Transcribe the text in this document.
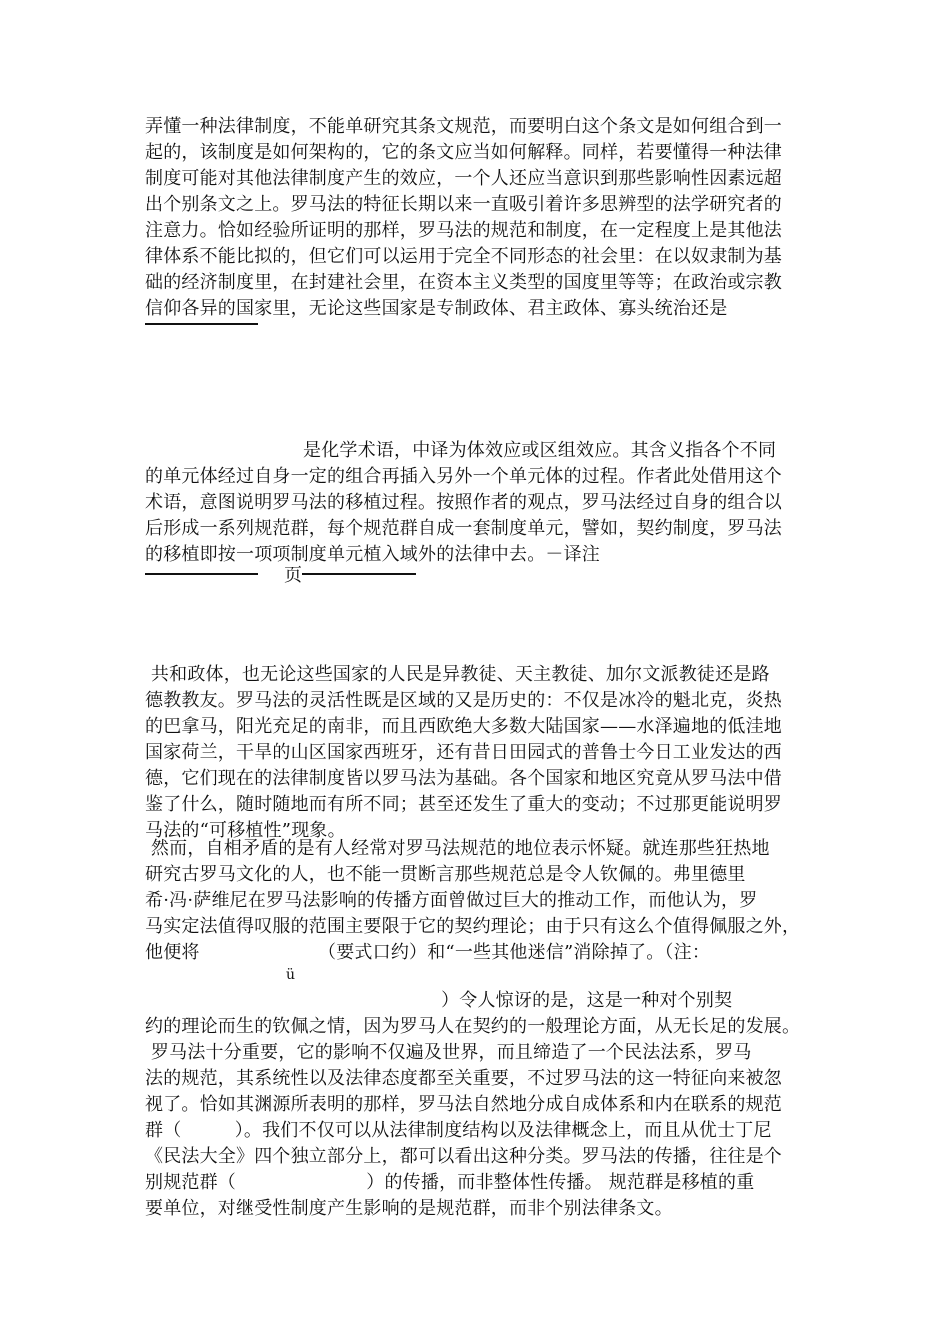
弄懂一种法律制度，不能单研究其条文规范，而要明白这个条文是如何组合到一
起的，该制度是如何架构的，它的条文应当如何解释。同样，若要懂得一种法律
制度可能对其他法律制度产生的效应，一个人还应当意识到那些影响性因素远超
出个别条文之上。罗马法的特征长期以来一直吸引着许多思辨型的法学研究者的
注意力。恰如经验所证明的那样，罗马法的规范和制度，在一定程度上是其他法
律体系不能比拟的，但它们可以运用于完全不同形态的社会里：在以奴隶制为基
础的经济制度里，在封建社会里，在资本主义类型的国度里等等；在政治或宗教
信仰各异的国家里，无论这些国家是专制政体、君主政体、寡头统治还是
是化学术语，中译为体效应或区组效应。其含义指各个不同
的单元体经过自身一定的组合再插入另外一个单元体的过程。作者此处借用这个
术语，意图说明罗马法的移植过程。按照作者的观点，罗马法经过自身的组合以
后形成一系列规范群，每个规范群自成一套制度单元，譬如，契约制度，罗马法
的移植即按一项项制度单元植入域外的法律中去。－译注
页
共和政体，也无论这些国家的人民是异教徒、天主教徒、加尔文派教徒还是路
德教教友。罗马法的灵活性既是区域的又是历史的：不仅是冰冷的魁北克，炎热
的巴拿马，阳光充足的南非，而且西欧绝大多数大陆国家——水泽遍地的低洼地
国家荷兰，干旱的山区国家西班牙，还有昔日田园式的普鲁士今日工业发达的西
德，它们现在的法律制度皆以罗马法为基础。各个国家和地区究竟从罗马法中借
鉴了什么，随时随地而有所不同；甚至还发生了重大的变动；不过那更能说明罗
马法的“可移植性”现象。
然而，自相矛盾的是有人经常对罗马法规范的地位表示怀疑。就连那些狂热地
研究古罗马文化的人，也不能一贯断言那些规范总是令人钦佩的。弗里德里
希·冯·萨维尼在罗马法影响的传播方面曾做过巨大的推动工作，而他认为，罗
马实定法值得叹服的范围主要限于它的契约理论；由于只有这么个值得佩服之外，
他便将                    （要式口约）和“一些其他迷信”消除掉了。（注：
ü
）令人惊讶的是，这是一种对个别契
约的理论而生的钦佩之情，因为罗马人在契约的一般理论方面，从无长足的发展。
罗马法十分重要，它的影响不仅遍及世界，而且缔造了一个民法法系，罗马
法的规范，其系统性以及法律态度都至关重要，不过罗马法的这一特征向来被忽
视了。恰如其渊源所表明的那样，罗马法自然地分成自成体系和内在联系的规范
群（         ）。我们不仅可以从法律制度结构以及法律概念上，而且从优士丁尼
《民法大全》四个独立部分上，都可以看出这种分类。罗马法的传播，往往是个
别规范群（                      ）的传播，而非整体性传播。 规范群是移植的重
要单位，对继受性制度产生影响的是规范群，而非个别法律条文。
